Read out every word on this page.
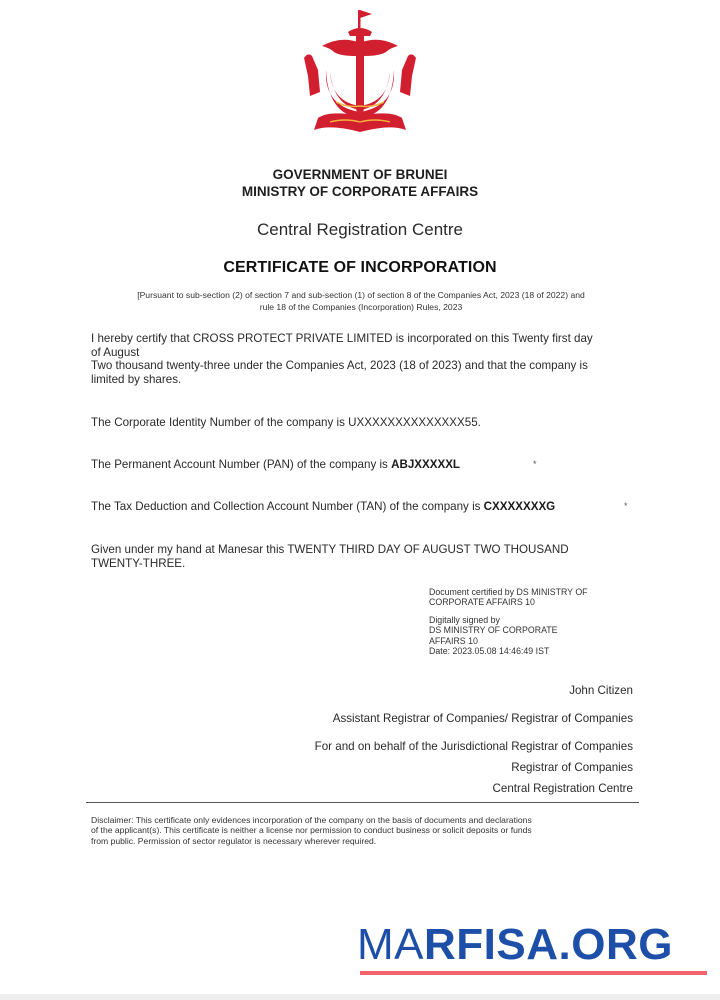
GOVERNMENT OF BRUNEI
MINISTRY OF CORPORATE AFFAIRS
Central Registration Centre
CERTIFICATE OF INCORPORATION
[Pursuant to sub-section (2) of section 7 and sub-section (1) of section 8 of the Companies Act, 2023 (18 of 2022) and
rule 18 of the Companies (Incorporation) Rules, 2023
I hereby certify that CROSS PROTECT PRIVATE LIMITED is incorporated on this Twenty first day
of August
Two thousand twenty-three under the Companies Act, 2023 (18 of 2023) and that the company is
limited by shares.
The Corporate Identity Number of the company is UXXXXXXXXXXXXXX55.
The Permanent Account Number (PAN) of the company is ABJXXXXXL	*
The Tax Deduction and Collection Account Number (TAN) of the company is CXXXXXXXG	*
Given under my hand at Manesar this TWENTY THIRD DAY OF AUGUST TWO THOUSAND
TWENTY-THREE.
Document certified by DS MINISTRY OF
CORPORATE AFFAIRS 10
Digitally signed by
DS MINISTRY OF CORPORATE
AFFAIRS 10
Date: 2023.05.08 14:46:49 IST
John Citizen
Assistant Registrar of Companies/ Registrar of Companies
For and on behalf of the Jurisdictional Registrar of Companies
Registrar of Companies
Central Registration Centre
Disclaimer: This certificate only evidences incorporation of the company on the basis of documents and declarations
of the applicant(s). This certificate is neither a license nor permission to conduct business or solicit deposits or funds
from public. Permission of sector regulator is necessary wherever required.
MARFISA.ORG
